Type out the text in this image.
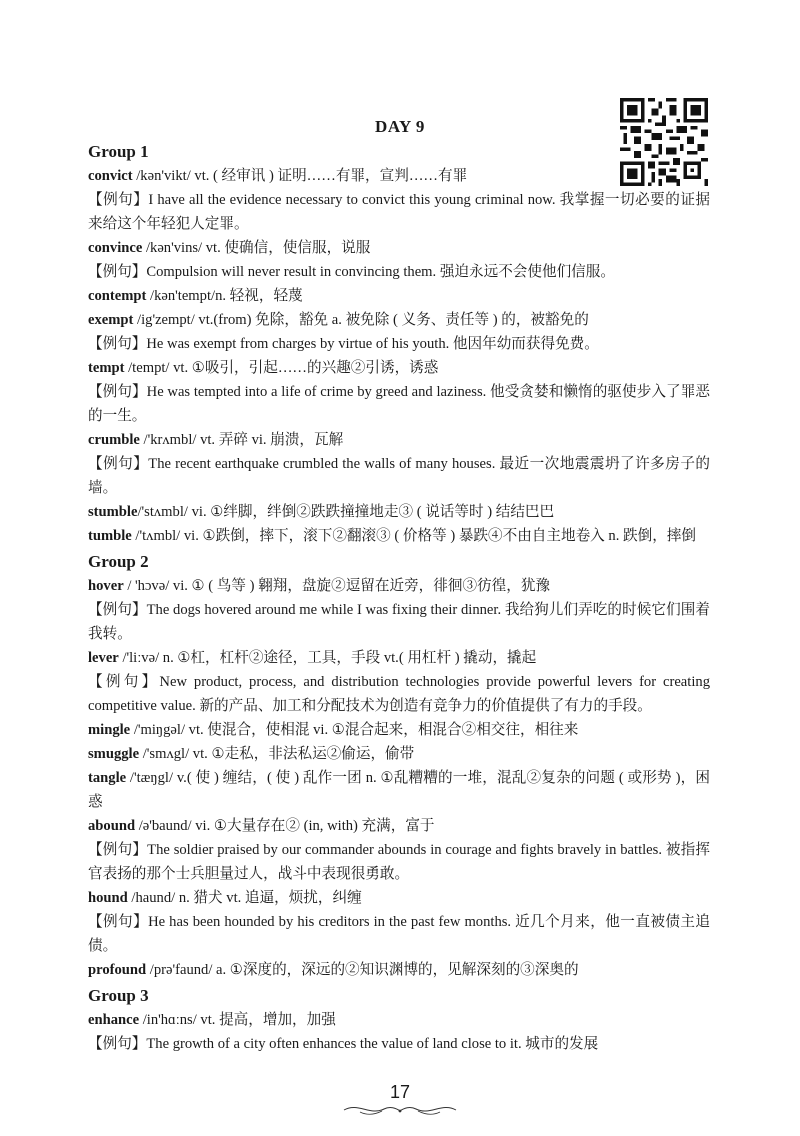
DAY 9
Group 1
convict /kən'vikt/ vt. ( 经审讯 ) 证明……有罪，宣判……有罪
【例句】I have all the evidence necessary to convict this young criminal now. 我掌握一切必要的证据来给这个年轻犯人定罪。
convince /kən'vins/ vt. 使确信，使信服，说服
【例句】Compulsion will never result in convincing them. 强迫永远不会使他们信服。
contempt /kən'tempt/n. 轻视，轻蔑
exempt /ig'zempt/ vt.(from) 免除，豁免 a. 被免除 ( 义务、责任等 ) 的，被豁免的
【例句】He was exempt from charges by virtue of his youth. 他因年幼而获得免费。
tempt /tempt/ vt. ①吸引，引起……的兴趣②引诱，诱惑
【例句】He was tempted into a life of crime by greed and laziness. 他受贪婪和懒惰的驱使步入了罪恶的一生。
crumble /'krʌmbl/ vt. 弄碎 vi. 崩溃，瓦解
【例句】The recent earthquake crumbled the walls of many houses. 最近一次地震震坍了许多房子的墙。
stumble/'stʌmbl/ vi. ①绊脚，绊倒②跌跌撞撞地走③ ( 说话等时 ) 结结巴巴
tumble /'tʌmbl/ vi. ①跌倒，摔下，滚下②翻滚③ ( 价格等 ) 暴跌④不由自主地卷入 n. 跌倒，摔倒
Group 2
hover / 'hɔvə/ vi. ① ( 鸟等 ) 翱翔，盘旋②逗留在近旁，徘徊③彷徨，犹豫
【例句】The dogs hovered around me while I was fixing their dinner. 我给狗儿们弄吃的时候它们围着我转。
lever /'liːvə/ n. ①杠，杠杆②途径，工具，手段 vt.( 用杠杆 ) 撬动，撬起
【例句】New product, process, and distribution technologies provide powerful levers for creating competitive value. 新的产品、加工和分配技术为创造有竞争力的价值提供了有力的手段。
mingle /'miŋgəl/ vt. 使混合，使相混 vi. ①混合起来，相混合②相交往，相往来
smuggle /'smʌgl/ vt. ①走私，非法私运②偷运，偷带
tangle /'tæŋgl/ v.( 使 ) 缠结，( 使 ) 乱作一团 n. ①乱糟糟的一堆，混乱②复杂的问题 ( 或形势 )，困惑
abound /ə'baund/ vi. ①大量存在② (in, with) 充满，富于
【例句】The soldier praised by our commander abounds in courage and fights bravely in battles. 被指挥官表扬的那个士兵胆量过人，战斗中表现很勇敢。
hound /haund/ n. 猎犬 vt. 追逼，烦扰，纠缠
【例句】He has been hounded by his creditors in the past few months. 近几个月来，他一直被债主追债。
profound /prə'faund/ a. ①深度的，深远的②知识渊博的，见解深刻的③深奥的
Group 3
enhance /in'hɑːns/ vt. 提高，增加，加强
【例句】The growth of a city often enhances the value of land close to it. 城市的发展
17
